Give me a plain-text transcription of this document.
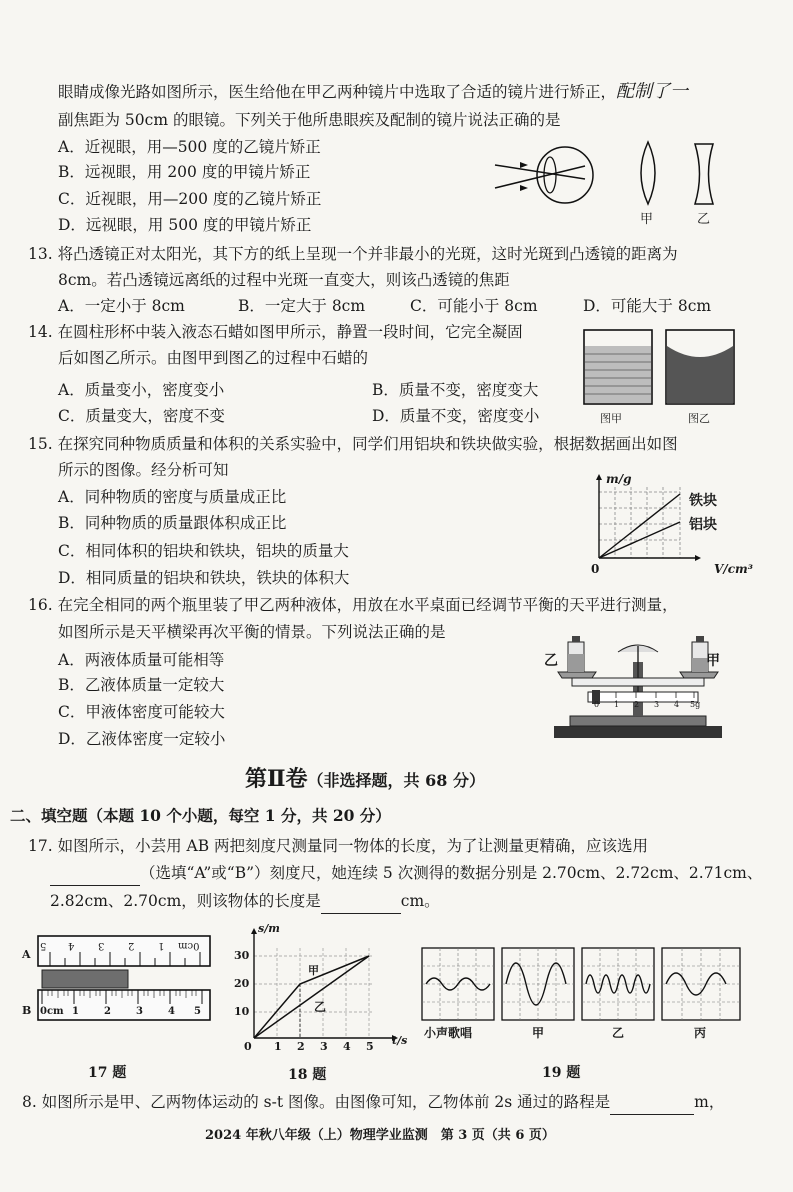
眼睛成像光路如图所示，医生给他在甲乙两种镜片中选取了合适的镜片进行矫正，配制了一
副焦距为 50cm 的眼镜。下列关于他所患眼疾及配制的镜片说法正确的是
A．近视眼，用—500 度的乙镜片矫正
B．远视眼，用 200 度的甲镜片矫正
C．近视眼，用—200 度的乙镜片矫正
D．远视眼，用 500 度的甲镜片矫正	甲	乙
13. 将凸透镜正对太阳光，其下方的纸上呈现一个并非最小的光斑，这时光斑到凸透镜的距离为
8cm。若凸透镜远离纸的过程中光斑一直变大，则该凸透镜的焦距
A．一定小于 8cm	B．一定大于 8cm	C．可能小于 8cm	D．可能大于 8cm
14. 在圆柱形杯中装入液态石蜡如图甲所示，静置一段时间，它完全凝固
后如图乙所示。由图甲到图乙的过程中石蜡的
A．质量变小，密度变小	B．质量不变，密度变大
C．质量变大，密度不变	D．质量不变，密度变小	图甲	图乙
15. 在探究同种物质质量和体积的关系实验中，同学们用铝块和铁块做实验，根据数据画出如图
所示的图像。经分析可知
A．同种物质的密度与质量成正比
B．同种物质的质量跟体积成正比
C．相同体积的铝块和铁块，铝块的质量大
D．相同质量的铝块和铁块，铁块的体积大
m/g
V/cm³
0
铁块
铝块
16. 在完全相同的两个瓶里装了甲乙两种液体，用放在水平桌面已经调节平衡的天平进行测量，
如图所示是天平横梁再次平衡的情景。下列说法正确的是
A．两液体质量可能相等
B．乙液体质量一定较大
C．甲液体密度可能较大
D．乙液体密度一定较小
乙	甲
0 1 2 3 4 5g
第Ⅱ卷（非选择题，共 68 分）
二、填空题（本题 10 个小题，每空 1 分，共 20 分）
17. 如图所示，小芸用 AB 两把刻度尺测量同一物体的长度，为了让测量更精确，应该选用
（选填“A”或“B”）刻度尺，她连续 5 次测得的数据分别是 2.70cm、2.72cm、2.71cm、
2.82cm、2.70cm，则该物体的长度是	cm。
A
B
0cm
1
2
3
4
5
0cm 1	2	3	4 5
17 题
s/m
t/s
30
20
10
0 1 2 3 4 5
甲
乙
18 题
小声歌唱	甲	乙	丙
19 题
8. 如图所示是甲、乙两物体运动的 s-t 图像。由图像可知，乙物体前 2s 通过的路程是	m，
2024 年秋八年级（上）物理学业监测　第 3 页（共 6 页）
